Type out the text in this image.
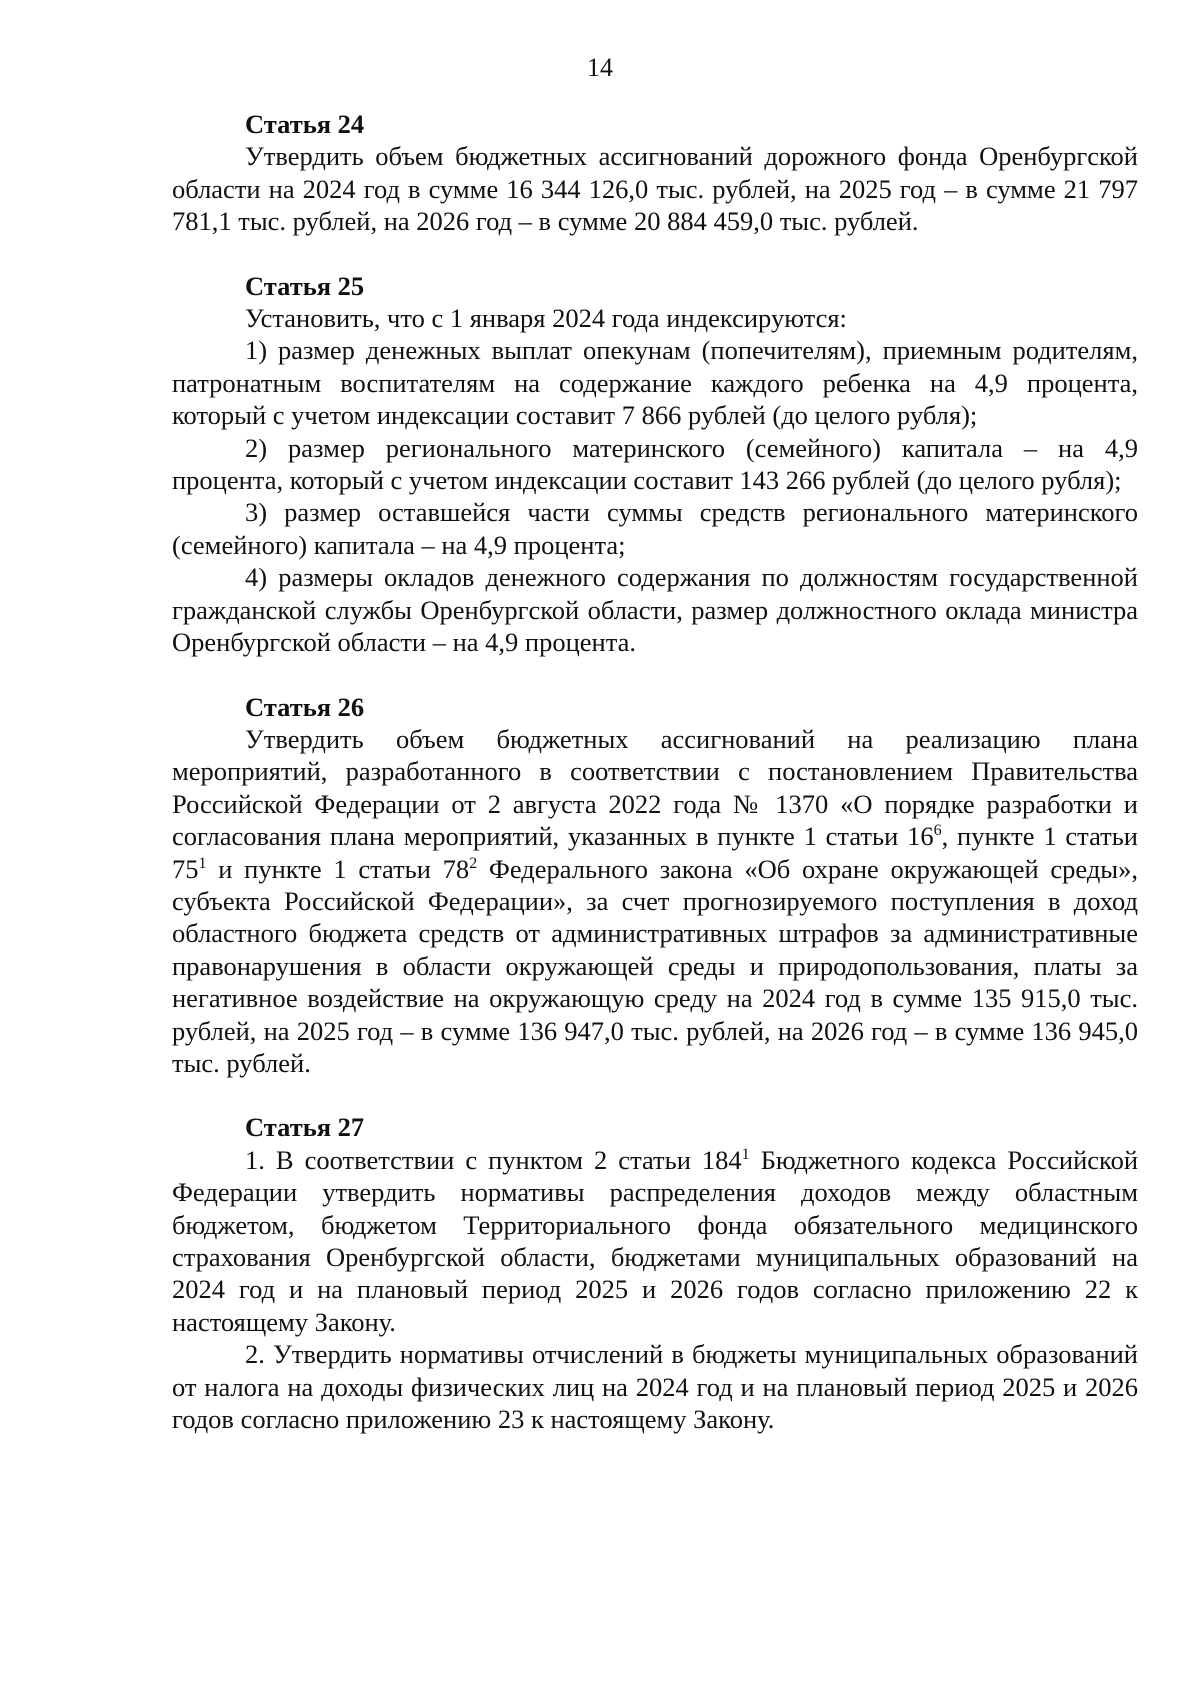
14

Статья 24

Утвердить объем бюджетных ассигнований дорожного фонда Оренбургской области на 2024 год в сумме 16 344 126,0 тыс. рублей, на 2025 год – в сумме 21 797 781,1 тыс. рублей, на 2026 год – в сумме 20 884 459,0 тыс. рублей.

Статья 25

Установить, что с 1 января 2024 года индексируются:

1) размер денежных выплат опекунам (попечителям), приемным родителям, патронатным воспитателям на содержание каждого ребенка на 4,9 процента, который с учетом индексации составит 7 866 рублей (до целого рубля);

2) размер регионального материнского (семейного) капитала – на 4,9 процента, который с учетом индексации составит 143 266 рублей (до целого рубля);

3) размер оставшейся части суммы средств регионального материнского (семейного) капитала – на 4,9 процента;

4) размеры окладов денежного содержания по должностям государственной гражданской службы Оренбургской области, размер должностного оклада министра Оренбургской области – на 4,9 процента.

Статья 26

Утвердить объем бюджетных ассигнований на реализацию плана мероприятий, разработанного в соответствии с постановлением Правительства Российской Федерации от 2 августа 2022 года № 1370 «О порядке разработки и согласования плана мероприятий, указанных в пункте 1 статьи $16^6$, пункте 1 статьи $75^1$ и пункте 1 статьи $78^2$ Федерального закона «Об охране окружающей среды», субъекта Российской Федерации», за счет прогнозируемого поступления в доход областного бюджета средств от административных штрафов за административные правонарушения в области окружающей среды и природопользования, платы за негативное воздействие на окружающую среду на 2024 год в сумме 135 915,0 тыс. рублей, на 2025 год – в сумме 136 947,0 тыс. рублей, на 2026 год – в сумме 136 945,0 тыс. рублей.

Статья 27

1. В соответствии с пунктом 2 статьи $184^1$ Бюджетного кодекса Российской Федерации утвердить нормативы распределения доходов между областным бюджетом, бюджетом Территориального фонда обязательного медицинского страхования Оренбургской области, бюджетами муниципальных образований на 2024 год и на плановый период 2025 и 2026 годов согласно приложению 22 к настоящему Закону.

2. Утвердить нормативы отчислений в бюджеты муниципальных образований от налога на доходы физических лиц на 2024 год и на плановый период 2025 и 2026 годов согласно приложению 23 к настоящему Закону.
